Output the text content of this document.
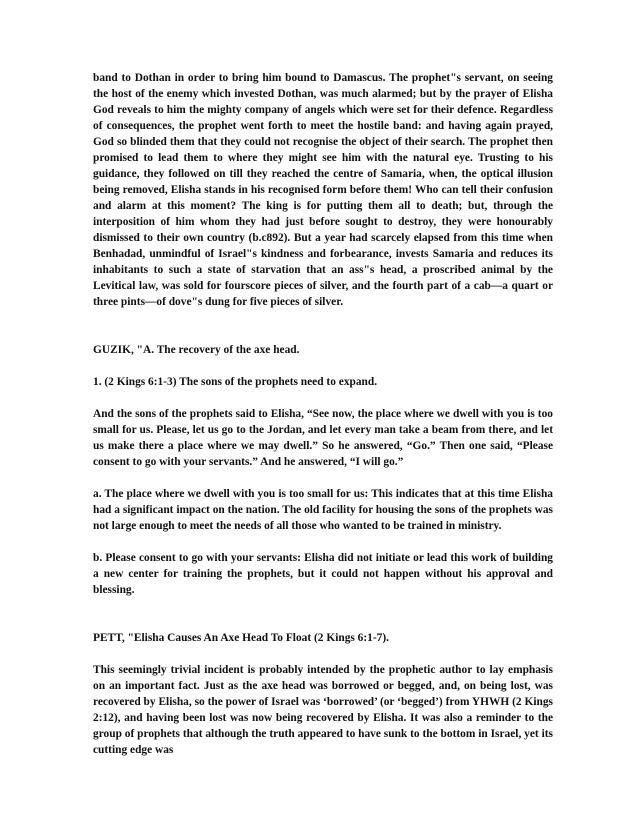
band to Dothan in order to bring him bound to Damascus. The prophet"s servant, on seeing the host of the enemy which invested Dothan, was much alarmed; but by the prayer of Elisha God reveals to him the mighty company of angels which were set for their defence. Regardless of consequences, the prophet went forth to meet the hostile band: and having again prayed, God so blinded them that they could not recognise the object of their search. The prophet then promised to lead them to where they might see him with the natural eye. Trusting to his guidance, they followed on till they reached the centre of Samaria, when, the optical illusion being removed, Elisha stands in his recognised form before them! Who can tell their confusion and alarm at this moment? The king is for putting them all to death; but, through the interposition of him whom they had just before sought to destroy, they were honourably dismissed to their own country (b.c892). But a year had scarcely elapsed from this time when Benhadad, unmindful of Israel"s kindness and forbearance, invests Samaria and reduces its inhabitants to such a state of starvation that an ass"s head, a proscribed animal by the Levitical law, was sold for fourscore pieces of silver, and the fourth part of a cab—a quart or three pints—of dove"s dung for five pieces of silver.

GUZIK, "A. The recovery of the axe head.

1. (2 Kings 6:1-3) The sons of the prophets need to expand.

And the sons of the prophets said to Elisha, “See now, the place where we dwell with you is too small for us. Please, let us go to the Jordan, and let every man take a beam from there, and let us make there a place where we may dwell.” So he answered, “Go.” Then one said, “Please consent to go with your servants.” And he answered, “I will go.”

a. The place where we dwell with you is too small for us: This indicates that at this time Elisha had a significant impact on the nation. The old facility for housing the sons of the prophets was not large enough to meet the needs of all those who wanted to be trained in ministry.

b. Please consent to go with your servants: Elisha did not initiate or lead this work of building a new center for training the prophets, but it could not happen without his approval and blessing.

PETT, "Elisha Causes An Axe Head To Float (2 Kings 6:1-7).

This seemingly trivial incident is probably intended by the prophetic author to lay emphasis on an important fact. Just as the axe head was borrowed or begged, and, on being lost, was recovered by Elisha, so the power of Israel was ‘borrowed’ (or ‘begged’) from YHWH (2 Kings 2:12), and having been lost was now being recovered by Elisha. It was also a reminder to the group of prophets that although the truth appeared to have sunk to the bottom in Israel, yet its cutting edge was
